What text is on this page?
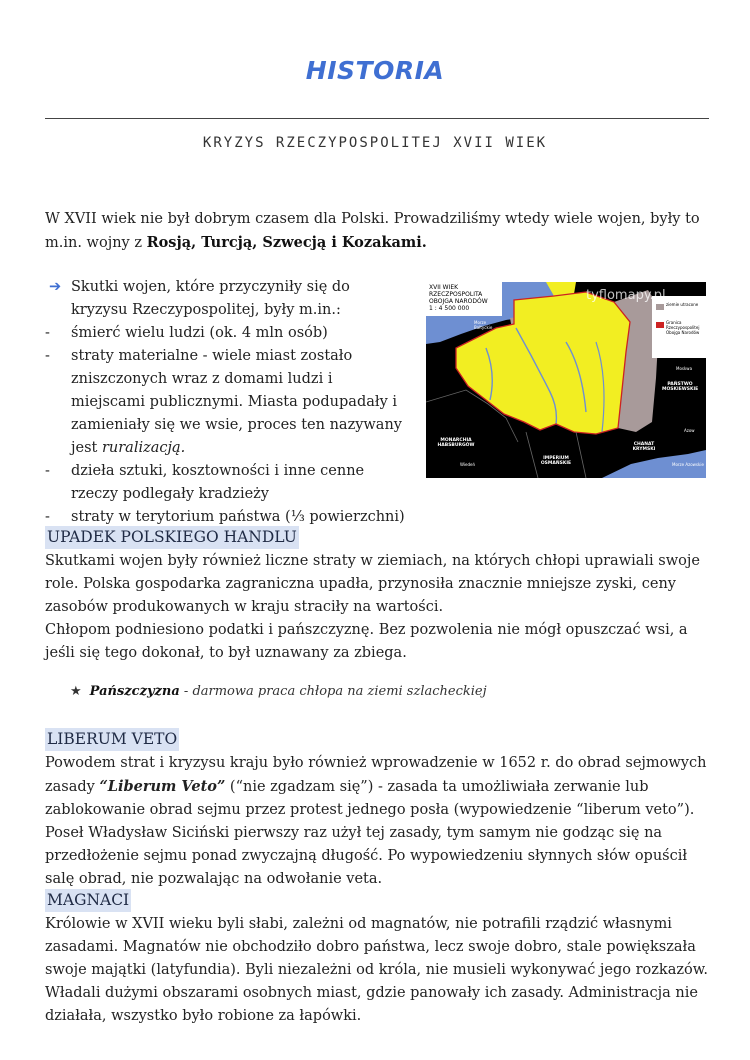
HISTORIA
KRYZYS RZECZYPOSPOLITEJ XVII WIEK
W XVII wiek nie był dobrym czasem dla Polski. Prowadziliśmy wtedy wiele wojen, były to m.in. wojny z Rosją, Turcją, Szwecją i Kozakami.
➔ Skutki wojen, które przyczyniły się do kryzysu Rzeczypospolitej, były m.in.:
- śmierć wielu ludzi (ok. 4 mln osób)
- straty materialne - wiele miast zostało zniszczonych wraz z domami ludzi i miejscami publicznymi. Miasta podupadały i zamieniały się we wsie, proces ten nazywany jest ruralizacją.
- dzieła sztuki, kosztowności i inne cenne rzeczy podlegały kradzieży
- straty w terytorium państwa (⅓ powierzchni)
XVII WIEK
RZECZPOSPOLITA
OBOJGA NARODÓW
1 : 4 500 000
tyflomapy.pl
ziemie utracone
Granica Rzeczypospolitej Obojga Narodów
PAŃSTWO MOSKIEWSKIE
MONARCHIA HABSBURGÓW
IMPERIUM OSMAŃSKIE
CHANAT KRYMSKI
Morze Bałtyckie
Wiedeń
Moskwa
Azow
Morze Azowskie
UPADEK POLSKIEGO HANDLU
Skutkami wojen były również liczne straty w ziemiach, na których chłopi uprawiali swoje role. Polska gospodarka zagraniczna upadła, przynosiła znacznie mniejsze zyski, ceny zasobów produkowanych w kraju straciły na wartości.
Chłopom podniesiono podatki i pańszczyznę. Bez pozwolenia nie mógł opuszczać wsi, a jeśli się tego dokonał, to był uznawany za zbiega.
★ Pańszczyzna - darmowa praca chłopa na ziemi szlacheckiej
LIBERUM VETO
Powodem strat i kryzysu kraju było również wprowadzenie w 1652 r. do obrad sejmowych zasady “Liberum Veto” (“nie zgadzam się”) - zasada ta umożliwiała zerwanie lub zablokowanie obrad sejmu przez protest jednego posła (wypowiedzenie “liberum veto”). Poseł Władysław Siciński pierwszy raz użył tej zasady, tym samym nie godząc się na przedłożenie sejmu ponad zwyczajną długość. Po wypowiedzeniu słynnych słów opuścił salę obrad, nie pozwalając na odwołanie veta.
MAGNACI
Królowie w XVII wieku byli słabi, zależni od magnatów, nie potrafili rządzić własnymi zasadami. Magnatów nie obchodziło dobro państwa, lecz swoje dobro, stale powiększała swoje majątki (latyfundia). Byli niezależni od króla, nie musieli wykonywać jego rozkazów. Władali dużymi obszarami osobnych miast, gdzie panowały ich zasady. Administracja nie działała, wszystko było robione za łapówki.
